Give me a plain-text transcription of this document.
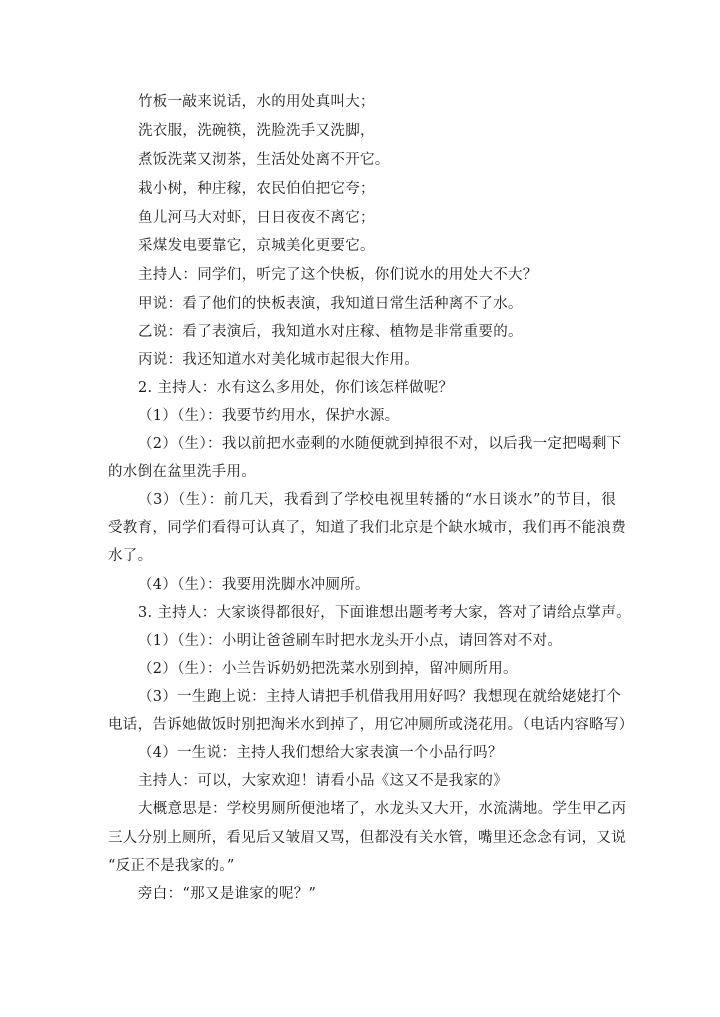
竹板一敲来说话，水的用处真叫大；
洗衣服，洗碗筷，洗脸洗手又洗脚，
煮饭洗菜又沏茶，生活处处离不开它。
栽小树，种庄稼，农民伯伯把它夸；
鱼儿河马大对虾，日日夜夜不离它；
采煤发电要靠它，京城美化更要它。
主持人：同学们，听完了这个快板，你们说水的用处大不大？
甲说：看了他们的快板表演，我知道日常生活种离不了水。
乙说：看了表演后，我知道水对庄稼、植物是非常重要的。
丙说：我还知道水对美化城市起很大作用。
2. 主持人：水有这么多用处，你们该怎样做呢？
（1）（生）：我要节约用水，保护水源。
（2）（生）：我以前把水壶剩的水随便就到掉很不对，以后我一定把喝剩下
的水倒在盆里洗手用。
（3）（生）：前几天，我看到了学校电视里转播的“水日谈水”的节目，很
受教育，同学们看得可认真了，知道了我们北京是个缺水城市，我们再不能浪费
水了。
（4）（生）：我要用洗脚水冲厕所。
3. 主持人：大家谈得都很好，下面谁想出题考考大家，答对了请给点掌声。
（1）（生）：小明让爸爸刷车时把水龙头开小点，请回答对不对。
（2）（生）：小兰告诉奶奶把洗菜水别到掉，留冲厕所用。
（3）一生跑上说：主持人请把手机借我用用好吗？我想现在就给姥姥打个
电话，告诉她做饭时别把淘米水到掉了，用它冲厕所或浇花用。（电话内容略写）
（4）一生说：主持人我们想给大家表演一个小品行吗？
主持人：可以，大家欢迎！请看小品《这又不是我家的》
大概意思是：学校男厕所便池堵了，水龙头又大开，水流满地。学生甲乙丙
三人分别上厕所，看见后又皱眉又骂，但都没有关水管，嘴里还念念有词，又说
“反正不是我家的。”
旁白：“那又是谁家的呢？”
